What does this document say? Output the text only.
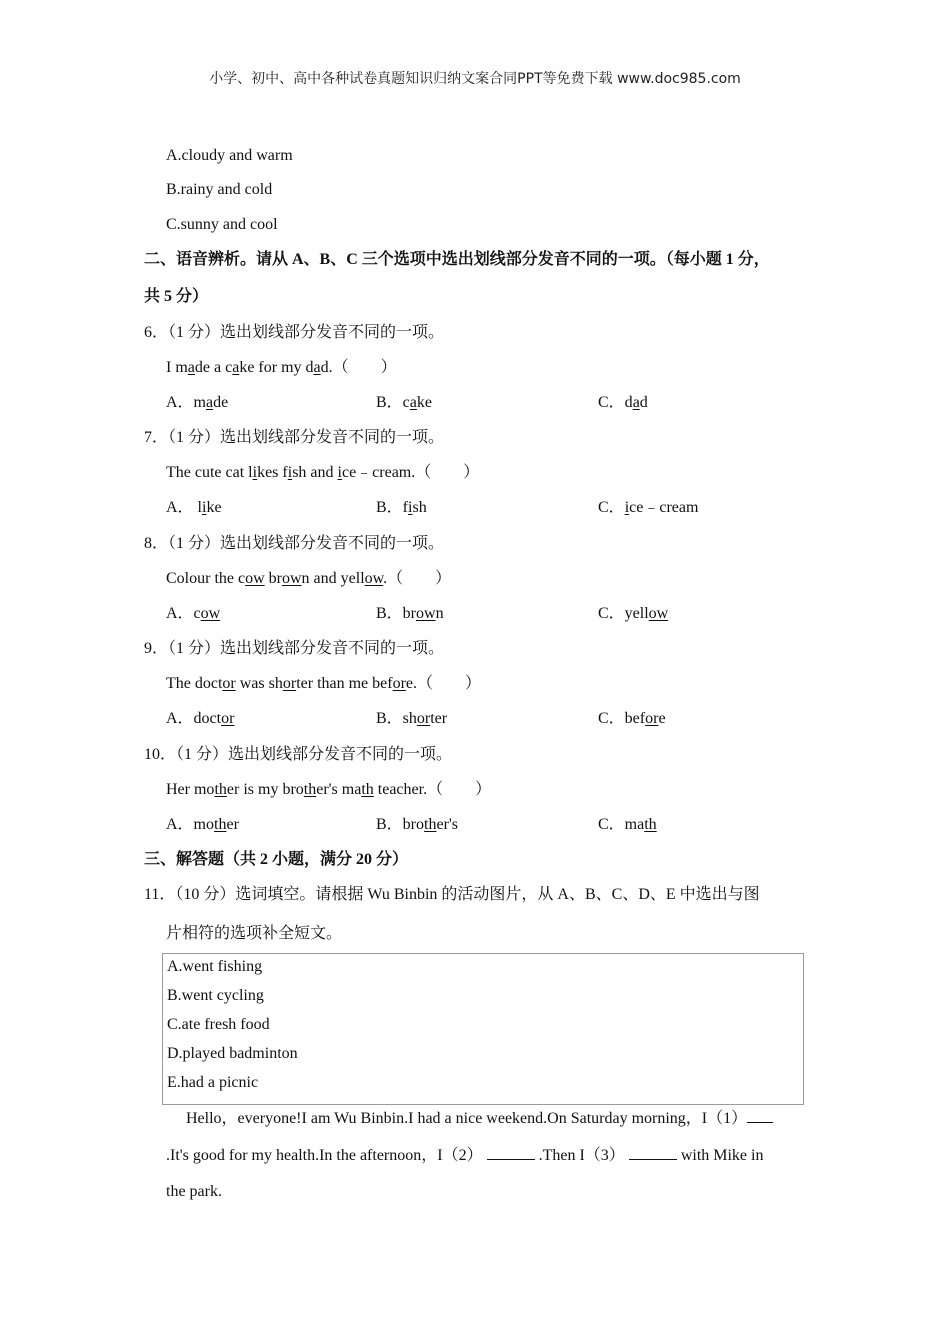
小学、初中、高中各种试卷真题知识归纳文案合同PPT等免费下载 www.doc985.com
A.cloudy and warm
B.rainy and cold
C.sunny and cool
二、语音辨析。请从 A、B、C 三个选项中选出划线部分发音不同的一项。（每小题 1 分，
共 5 分）
6．（1 分）选出划线部分发音不同的一项。
I made a cake for my dad.（　　）
A．made	B．cake	C．dad
7．（1 分）选出划线部分发音不同的一项。
The cute cat likes fish and ice﹣cream.（　　）
A． like	B．fish	C．ice﹣cream
8．（1 分）选出划线部分发音不同的一项。
Colour the cow brown and yellow.（　　）
A．cow	B．brown	C．yellow
9．（1 分）选出划线部分发音不同的一项。
The doctor was shorter than me before.（　　）
A．doctor	B．shorter	C．before
10．（1 分）选出划线部分发音不同的一项。
Her mother is my brother's math teacher.（　　）
A．mother	B．brother's	C．math
三、解答题（共 2 小题，满分 20 分）
11．（10 分）选词填空。请根据 Wu Binbin 的活动图片，从 A、B、C、D、E 中选出与图
片相符的选项补全短文。
A.went fishing
B.went cycling
C.ate fresh food
D.played badminton
E.had a picnic
Hello，everyone!I am Wu Binbin.I had a nice weekend.On Saturday morning，I（1）
.It's good for my health.In the afternoon，I（2）	.Then I（3）	with Mike in
the park.
